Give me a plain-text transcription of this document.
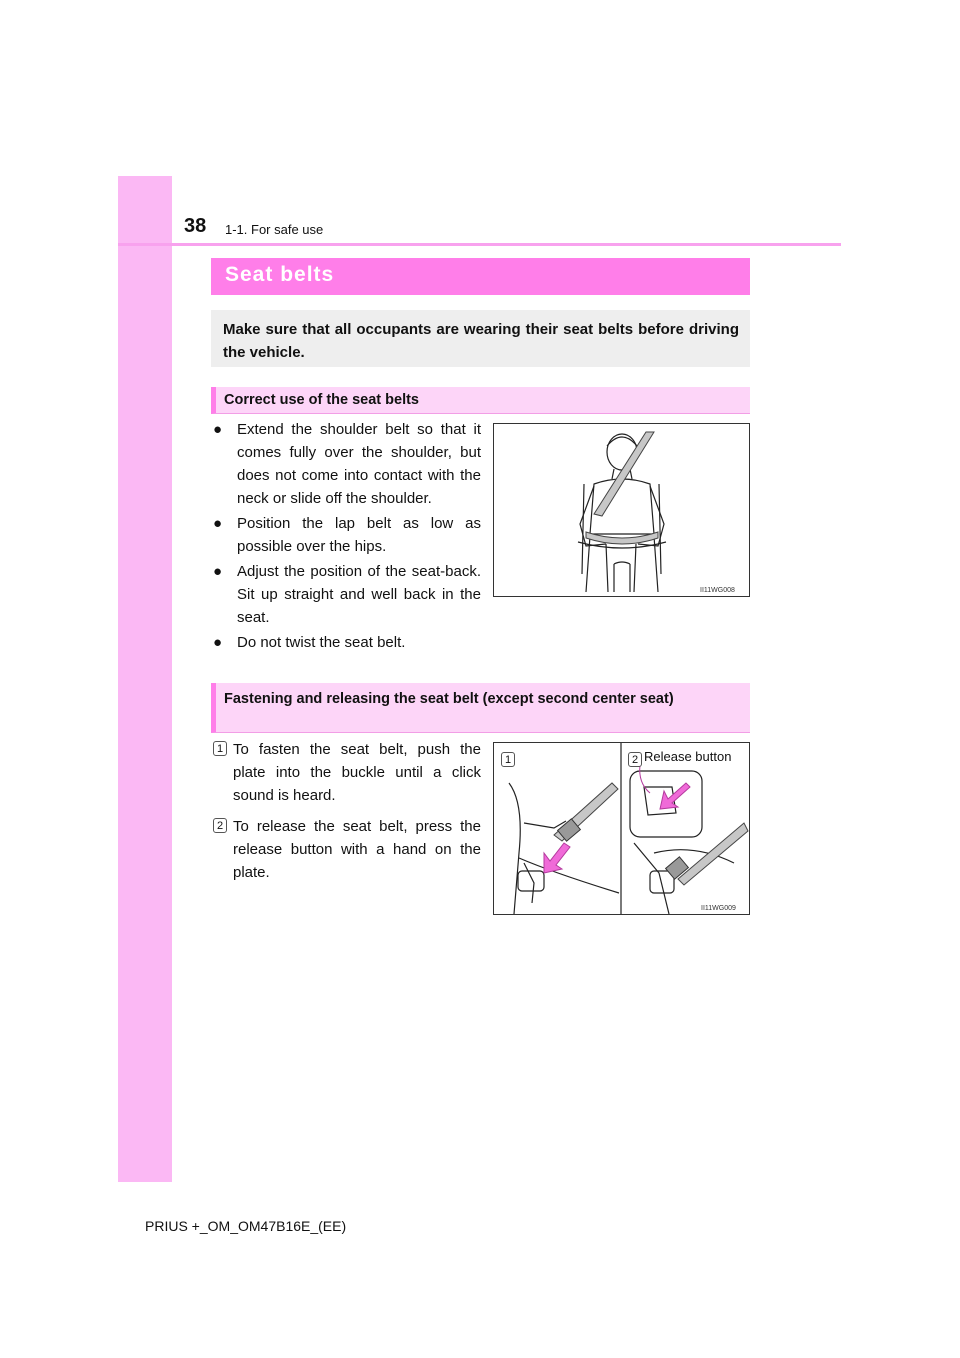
38 1-1. For safe use
Seat belts
Make sure that all occupants are wearing their seat belts before driving the vehicle.
Correct use of the seat belts
● Extend the shoulder belt so that it comes fully over the shoulder, but does not come into contact with the neck or slide off the shoulder.
● Position the lap belt as low as possible over the hips.
● Adjust the position of the seat-back. Sit up straight and well back in the seat.
● Do not twist the seat belt.
II11WG008
Fastening and releasing the seat belt (except second center seat)
1 To fasten the seat belt, push the plate into the buckle until a click sound is heard.
2 To release the seat belt, press the release button with a hand on the plate.
1	2 Release button
II11WG009
PRIUS +_OM_OM47B16E_(EE)
